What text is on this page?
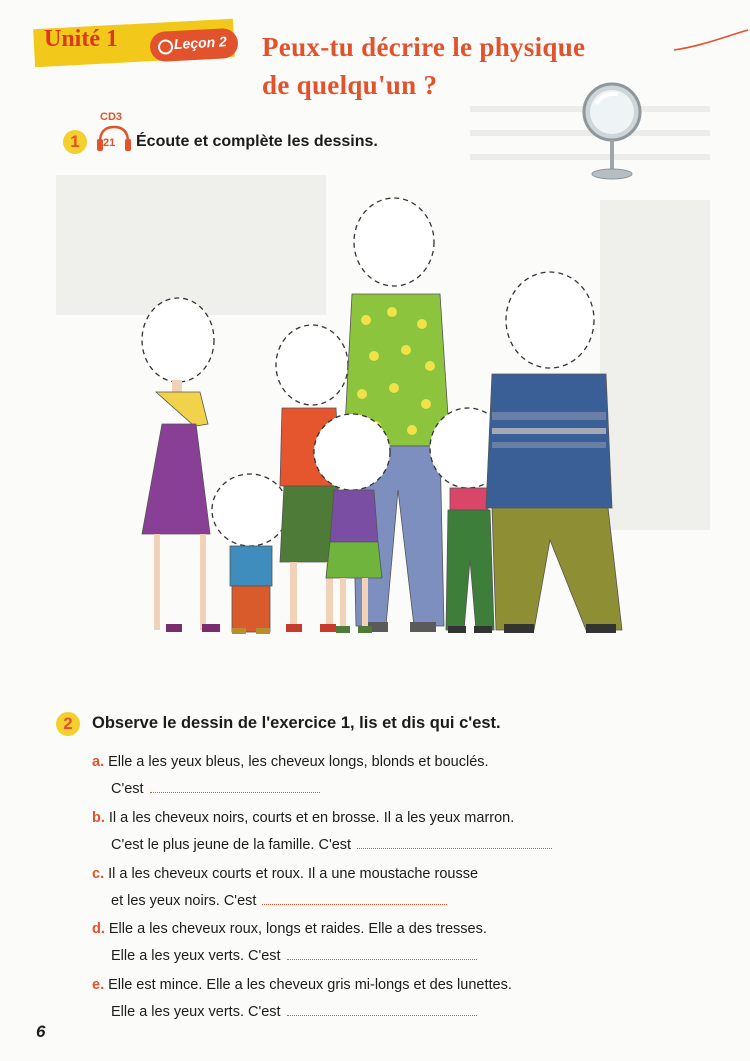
Unité 1	Leçon 2 Peux-tu décrire le physique
de quelqu'un ?
1
CD3
21 Écoute et complète les dessins.
2	Observe le dessin de l'exercice 1, lis et dis qui c'est.
a. Elle a les yeux bleus, les cheveux longs, blonds et bouclés.
C'est
b. Il a les cheveux noirs, courts et en brosse. Il a les yeux marron.
C'est le plus jeune de la famille. C'est
c. Il a les cheveux courts et roux. Il a une moustache rousse
et les yeux noirs. C'est
d. Elle a les cheveux roux, longs et raides. Elle a des tresses.
Elle a les yeux verts. C'est
e. Elle est mince. Elle a les cheveux gris mi-longs et des lunettes.
Elle a les yeux verts. C'est
6
